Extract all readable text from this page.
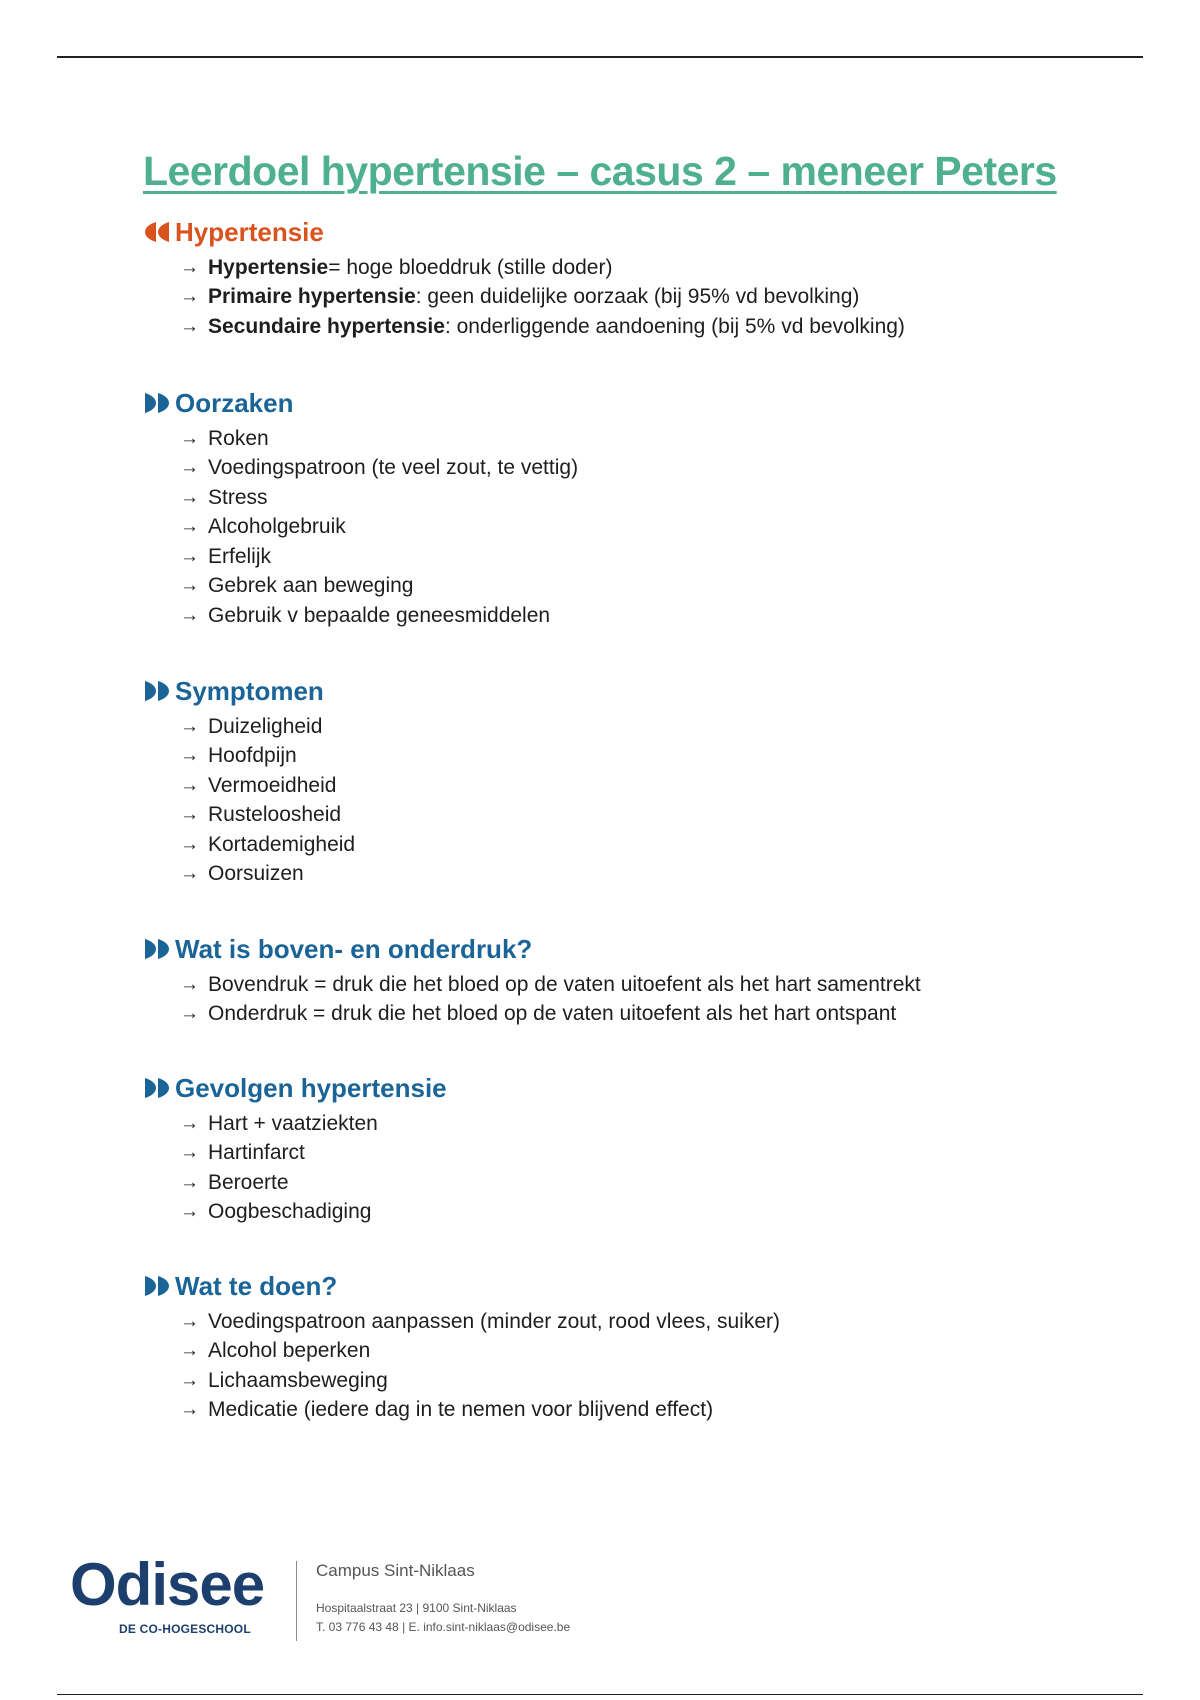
Leerdoel hypertensie – casus 2 – meneer Peters
Hypertensie
→ Hypertensie = hoge bloeddruk (stille doder)
→ Primaire hypertensie : geen duidelijke oorzaak (bij 95% vd bevolking)
→ Secundaire hypertensie : onderliggende aandoening (bij 5% vd bevolking)
Oorzaken
→ Roken
→ Voedingspatroon (te veel zout, te vettig)
→ Stress
→ Alcoholgebruik
→ Erfelijk
→ Gebrek aan beweging
→ Gebruik v bepaalde geneesmiddelen
Symptomen
→ Duizeligheid
→ Hoofdpijn
→ Vermoeidheid
→ Rusteloosheid
→ Kortademigheid
→ Oorsuizen
Wat is boven- en onderdruk?
→ Bovendruk = druk die het bloed op de vaten uitoefent als het hart samentrekt
→ Onderdruk = druk die het bloed op de vaten uitoefent als het hart ontspant
Gevolgen hypertensie
→ Hart + vaatziekten
→ Hartinfarct
→ Beroerte
→ Oogbeschadiging
Wat te doen?
→ Voedingspatroon aanpassen (minder zout, rood vlees, suiker)
→ Alcohol beperken
→ Lichaamsbeweging
→ Medicatie (iedere dag in te nemen voor blijvend effect)
Odisee
DE CO-HOGESCHOOL
Campus Sint-Niklaas
Hospitaalstraat 23 | 9100 Sint-Niklaas
T. 03 776 43 48 | E. info.sint-niklaas@odisee.be
